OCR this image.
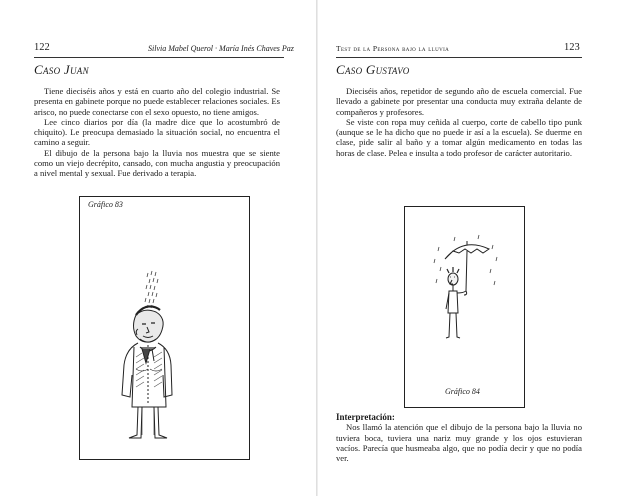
122	Silvia Mabel Querol · María Inés Chaves Paz
Caso Juan

Tiene dieciséis años y está en cuarto año del colegio industrial. Se presenta en gabinete porque no puede establecer relaciones sociales. Es arisco, no puede conectarse con el sexo opuesto, no tiene amigos.

Lee cinco diarios por día (la madre dice que lo acostumbró de chiquito). Le preocupa demasiado la situación social, no encuentra el camino a seguir.

El dibujo de la persona bajo la lluvia nos muestra que se siente como un viejo decrépito, cansado, con mucha angustia y preocupación a nivel mental y sexual. Fue derivado a terapia.

Gráfico 83
Test de la Persona bajo la lluvia	123
Caso Gustavo

Dieciséis años, repetidor de segundo año de escuela comercial. Fue llevado a gabinete por presentar una conducta muy extraña delante de compañeros y profesores.

Se viste con ropa muy ceñida al cuerpo, corte de cabello tipo punk (aunque se le ha dicho que no puede ir así a la escuela). Se duerme en clase, pide salir al baño y a tomar algún medicamento en todas las horas de clase. Pelea e insulta a todo profesor de carácter autoritario.

Gráfico 84
Interpretación:

Nos llamó la atención que el dibujo de la persona bajo la lluvia no tuviera boca, tuviera una nariz muy grande y los ojos estuvieran vacíos. Parecía que husmeaba algo, que no podía decir y que no podía ver.
